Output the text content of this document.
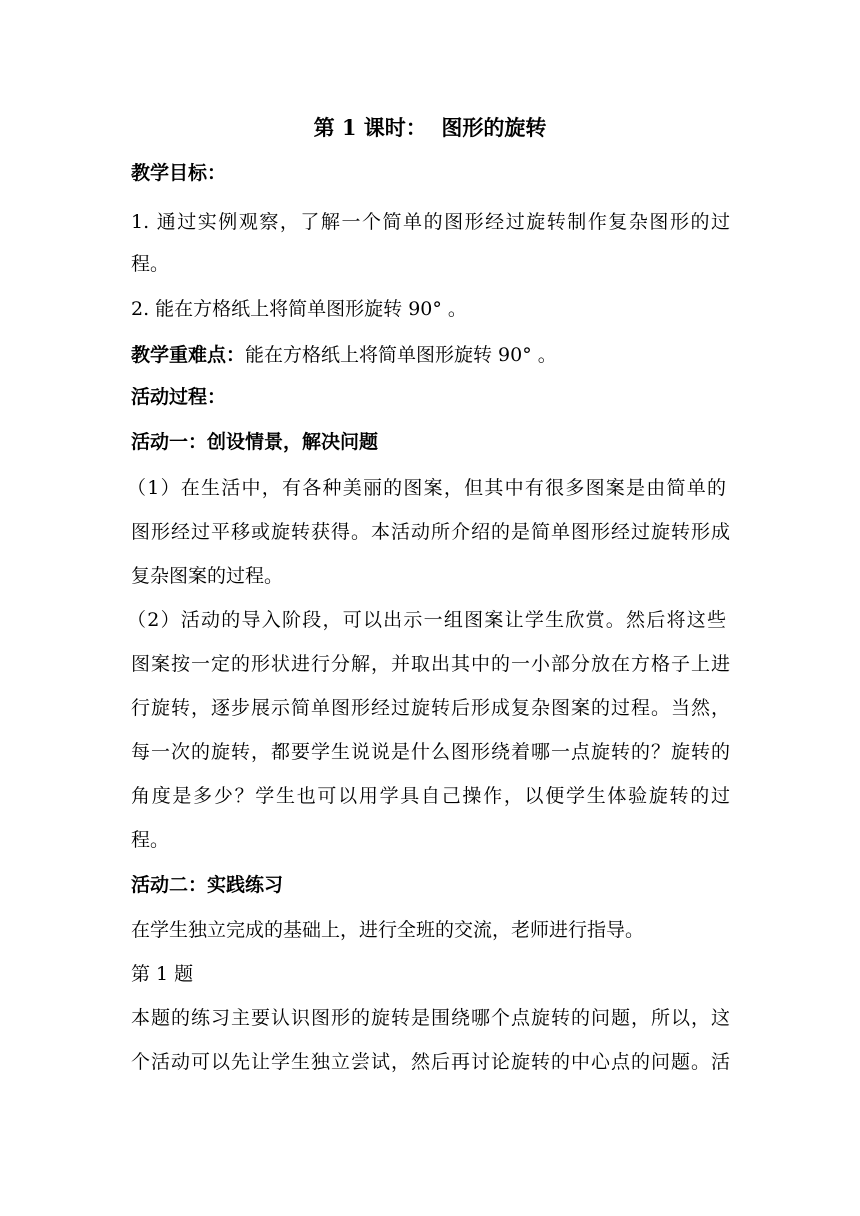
第 1 课时：  图形的旋转
教学目标：
1. 通过实例观察，了解一个简单的图形经过旋转制作复杂图形的过
程。
2. 能在方格纸上将简单图形旋转 90° 。
教学重难点：能在方格纸上将简单图形旋转 90° 。
活动过程：
活动一：创设情景，解决问题
（1）在生活中，有各种美丽的图案，但其中有很多图案是由简单的
图形经过平移或旋转获得。本活动所介绍的是简单图形经过旋转形成
复杂图案的过程。
（2）活动的导入阶段，可以出示一组图案让学生欣赏。然后将这些
图案按一定的形状进行分解，并取出其中的一小部分放在方格子上进
行旋转，逐步展示简单图形经过旋转后形成复杂图案的过程。当然，
每一次的旋转，都要学生说说是什么图形绕着哪一点旋转的？旋转的
角度是多少？学生也可以用学具自己操作，以便学生体验旋转的过
程。
活动二：实践练习
在学生独立完成的基础上，进行全班的交流，老师进行指导。
第 1 题
本题的练习主要认识图形的旋转是围绕哪个点旋转的问题，所以，这
个活动可以先让学生独立尝试，然后再讨论旋转的中心点的问题。活
